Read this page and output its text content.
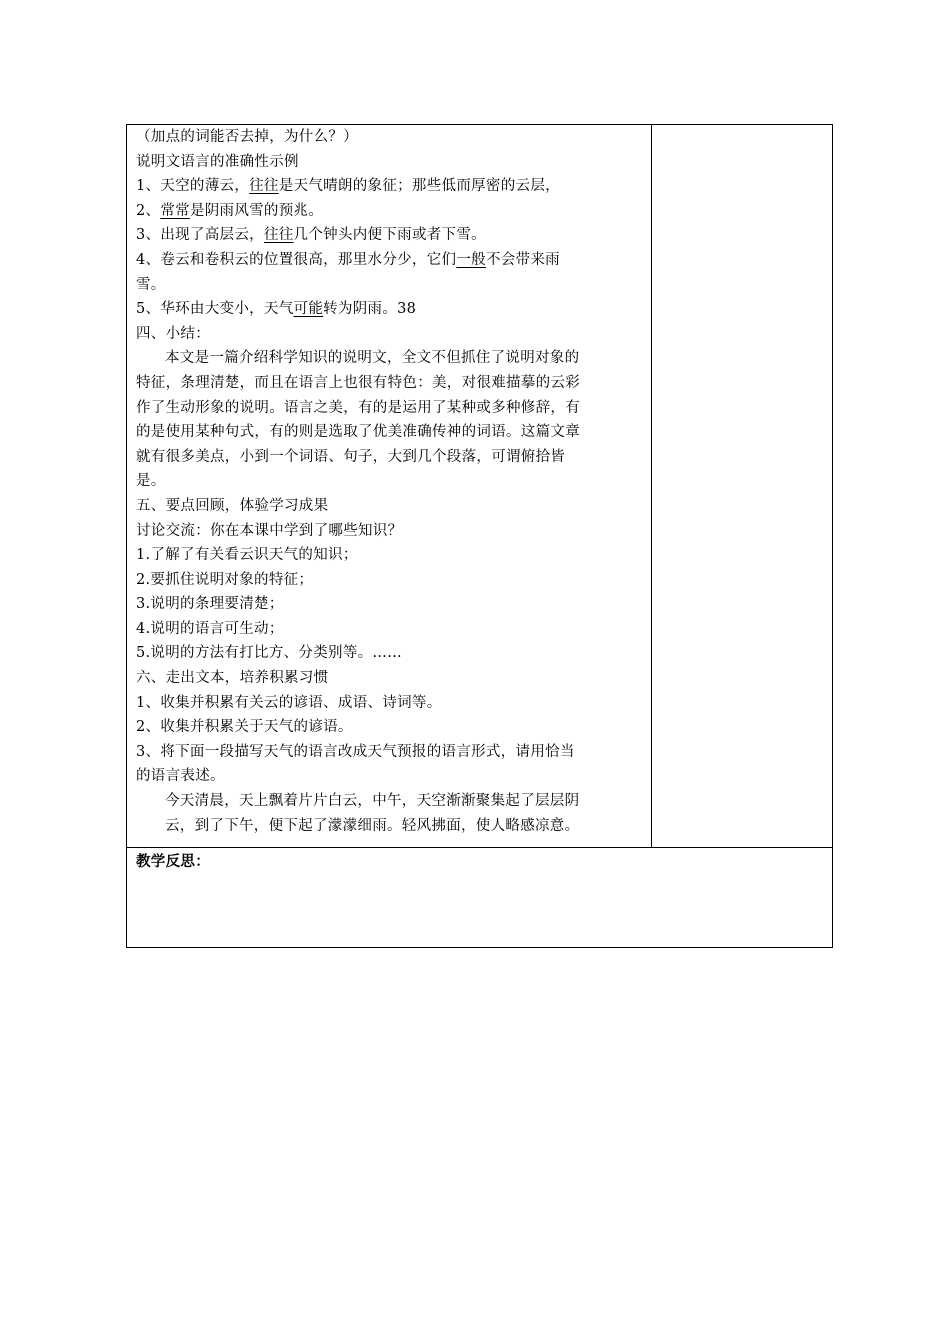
（加点的词能否去掉，为什么？）
说明文语言的准确性示例
1、天空的薄云，往往是天气晴朗的象征；那些低而厚密的云层，
2、常常是阴雨风雪的预兆。
3、出现了高层云，往往几个钟头内便下雨或者下雪。
4、卷云和卷积云的位置很高，那里水分少，它们一般不会带来雨
雪。
5、华环由大变小，天气可能转为阴雨。38
四、小结：
本文是一篇介绍科学知识的说明文，全文不但抓住了说明对象的
特征，条理清楚，而且在语言上也很有特色：美，对很难描摹的云彩
作了生动形象的说明。语言之美，有的是运用了某种或多种修辞，有
的是使用某种句式，有的则是选取了优美准确传神的词语。这篇文章
就有很多美点，小到一个词语、句子，大到几个段落，可谓俯拾皆
是。
五、要点回顾，体验学习成果
讨论交流：你在本课中学到了哪些知识？
1.了解了有关看云识天气的知识；
2.要抓住说明对象的特征；
3.说明的条理要清楚；
4.说明的语言可生动；
5.说明的方法有打比方、分类别等。……
六、走出文本，培养积累习惯
1、收集并积累有关云的谚语、成语、诗词等。
2、收集并积累关于天气的谚语。
3、将下面一段描写天气的语言改成天气预报的语言形式，请用恰当
的语言表述。
今天清晨，天上飘着片片白云，中午，天空渐渐聚集起了层层阴
云，到了下午，便下起了濛濛细雨。轻风拂面，使人略感凉意。
教学反思：
